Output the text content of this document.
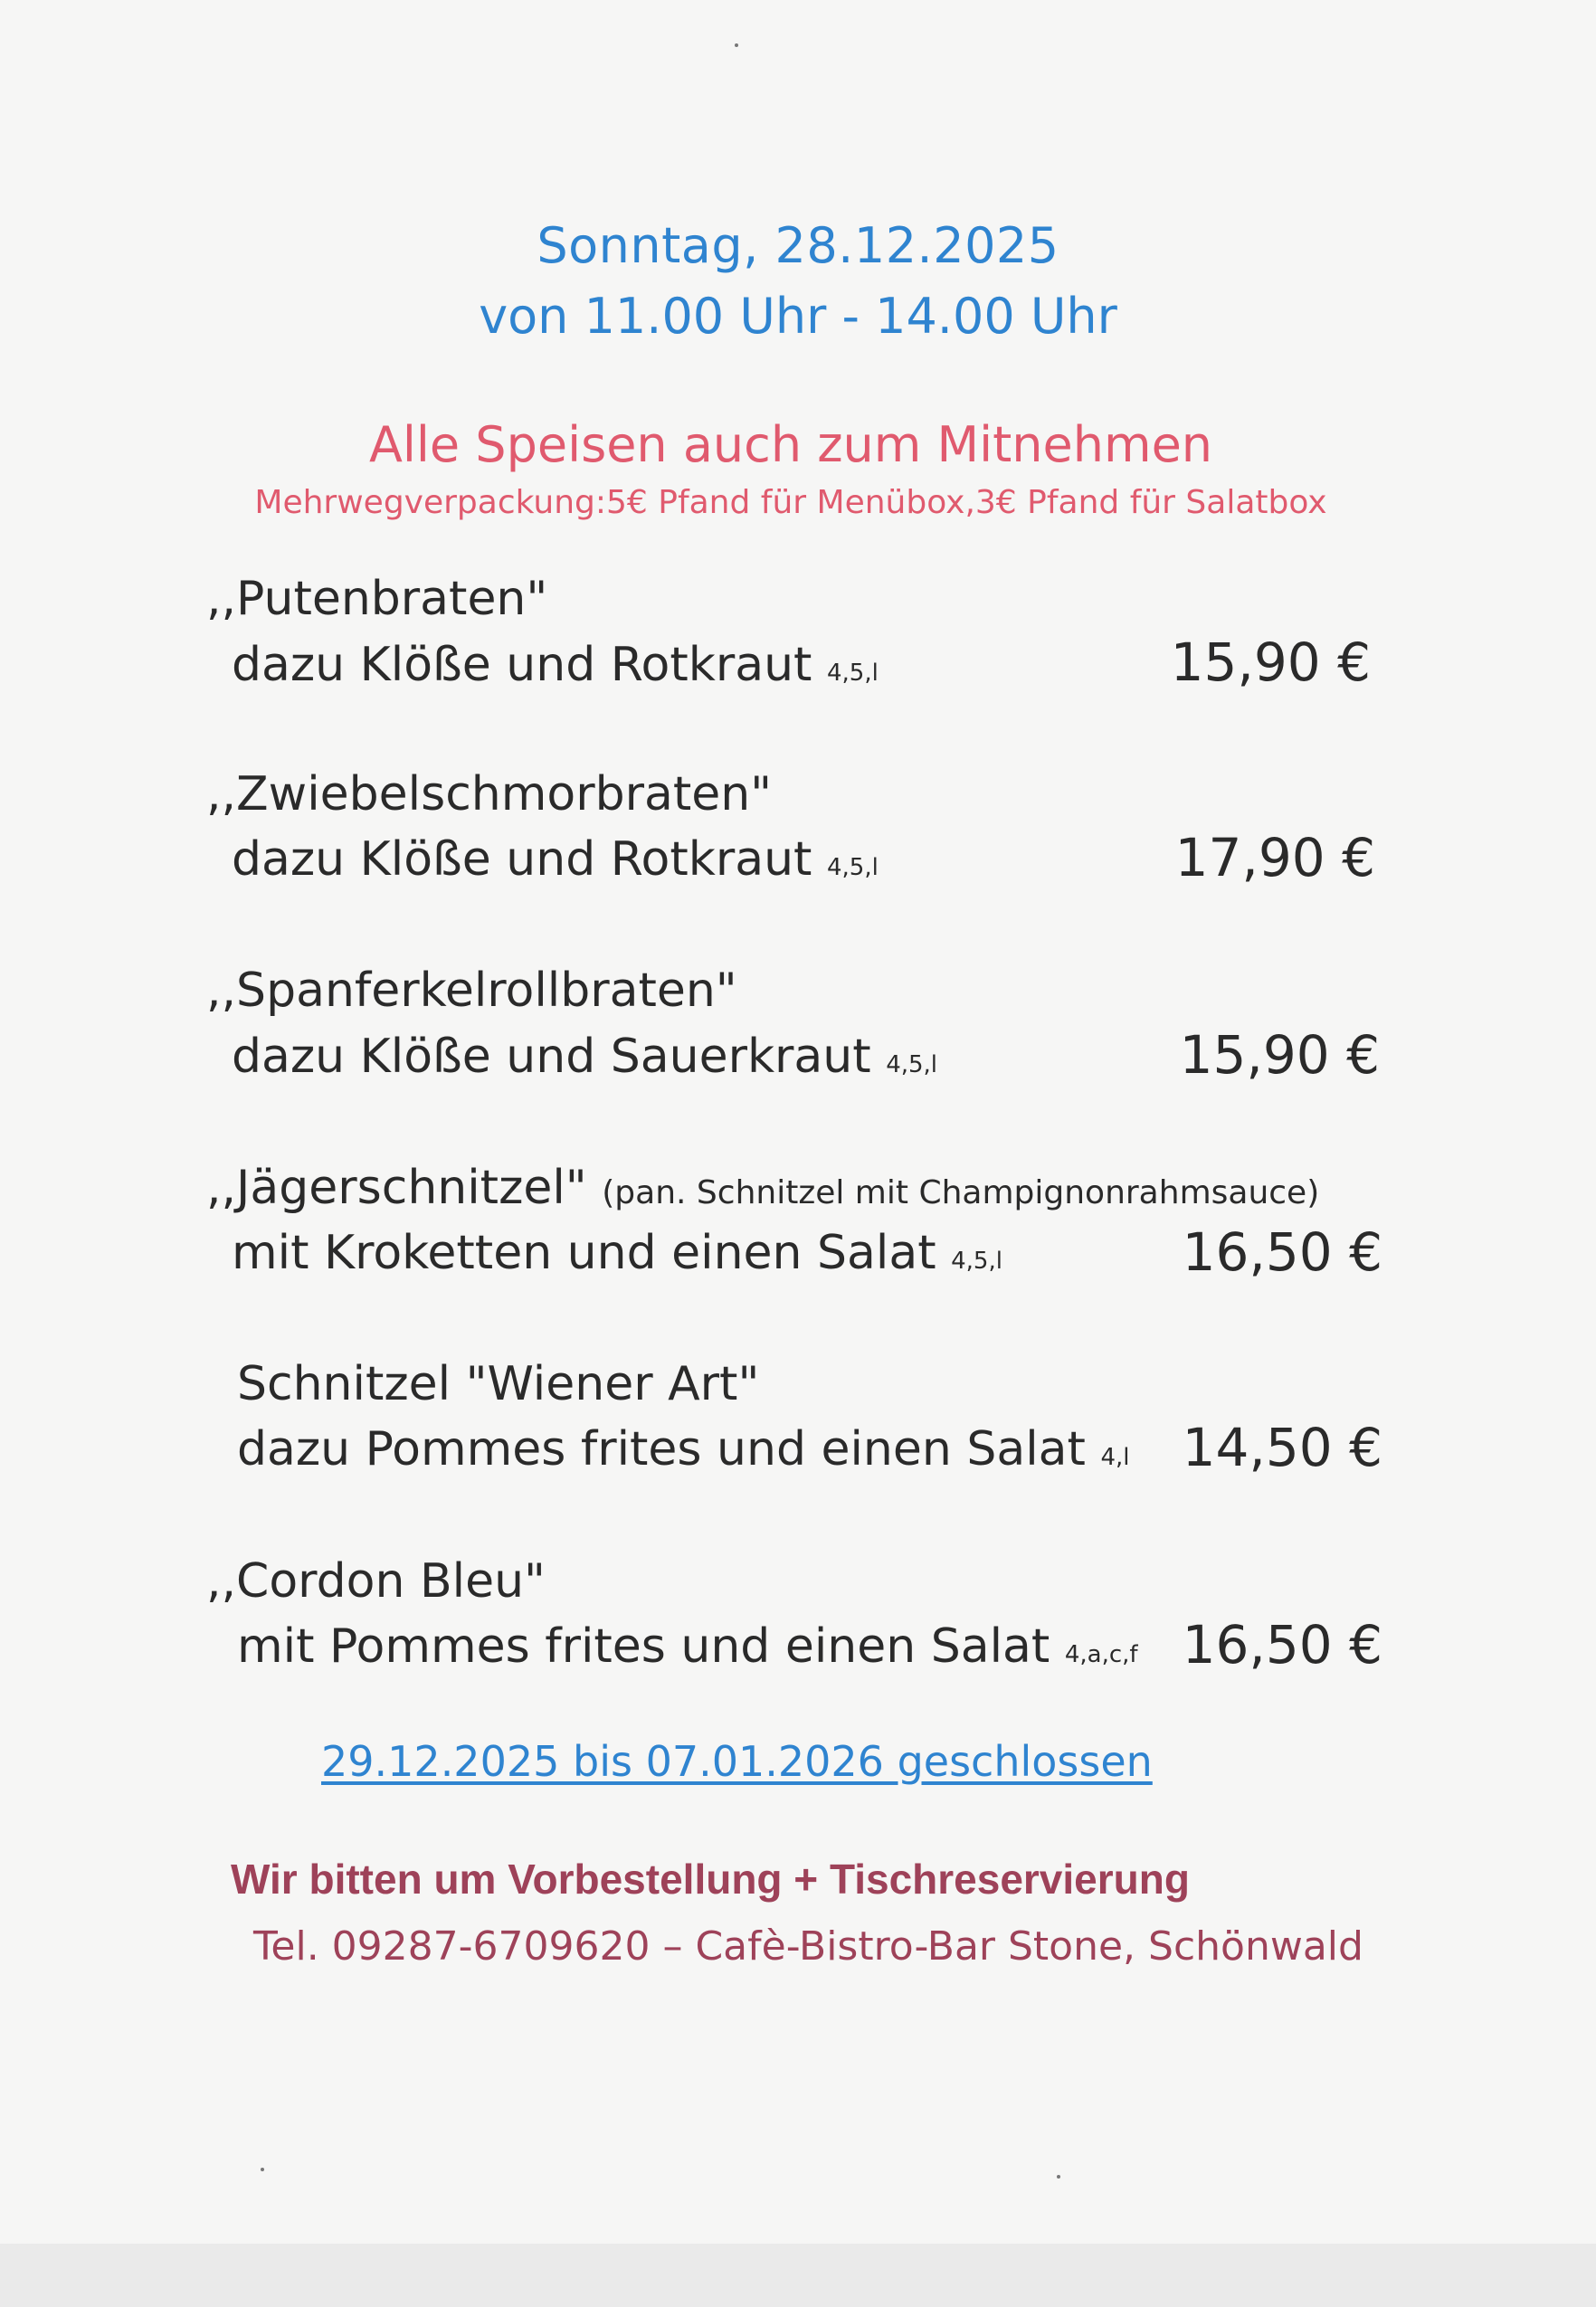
Sonntag, 28.12.2025
von 11.00 Uhr - 14.00 Uhr
Alle Speisen auch zum Mitnehmen
Mehrwegverpackung:5€ Pfand für Menübox,3€ Pfand für Salatbox
,,Putenbraten"
dazu Klöße und Rotkraut 4,5,l	15,90 €
,,Zwiebelschmorbraten"
dazu Klöße und Rotkraut 4,5,l	17,90 €
,,Spanferkelrollbraten"
dazu Klöße und Sauerkraut 4,5,l	15,90 €
,,Jägerschnitzel" (pan. Schnitzel mit Champignonrahmsauce)
mit Kroketten und einen Salat 4,5,l	16,50 €
Schnitzel "Wiener Art"
dazu Pommes frites und einen Salat 4,l	14,50 €
,,Cordon Bleu"
mit Pommes frites und einen Salat 4,a,c,f 16,50 €
29.12.2025 bis 07.01.2026 geschlossen
Wir bitten um Vorbestellung + Tischreservierung
Tel. 09287-6709620 – Cafè-Bistro-Bar Stone, Schönwald
